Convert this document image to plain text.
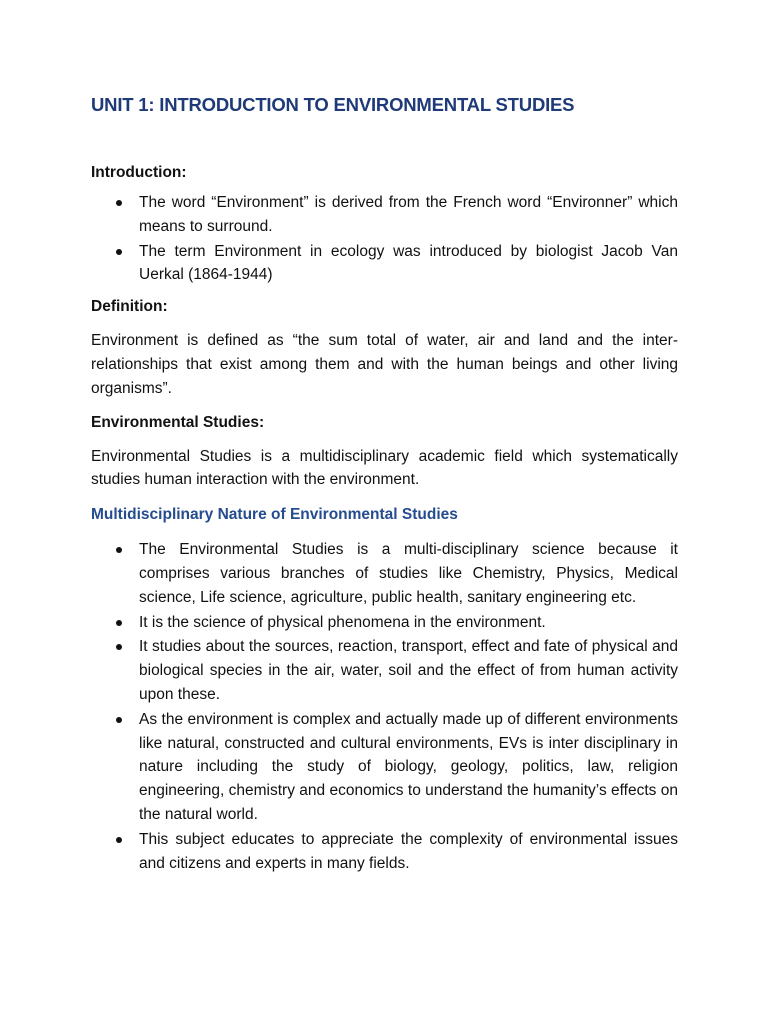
UNIT 1: INTRODUCTION TO ENVIRONMENTAL STUDIES
Introduction:
The word “Environment” is derived from the French word “Environner” which means to surround.
The term Environment in ecology was introduced by biologist Jacob Van Uerkal (1864-1944)
Definition:

Environment is defined as “the sum total of water, air and land and the inter-relationships that exist among them and with the human beings and other living organisms”.

Environmental Studies:

Environmental Studies is a multidisciplinary academic field which systematically studies human interaction with the environment.

Multidisciplinary Nature of Environmental Studies
The Environmental Studies is a multi-disciplinary science because it comprises various branches of studies like Chemistry, Physics, Medical science, Life science, agriculture, public health, sanitary engineering etc.
It is the science of physical phenomena in the environment.
It studies about the sources, reaction, transport, effect and fate of physical and biological species in the air, water, soil and the effect of from human activity upon these.
As the environment is complex and actually made up of different environments like natural, constructed and cultural environments, EVs is inter disciplinary in nature including the study of biology, geology, politics, law, religion engineering, chemistry and economics to understand the humanity’s effects on the natural world.
This subject educates to appreciate the complexity of environmental issues and citizens and experts in many fields.
